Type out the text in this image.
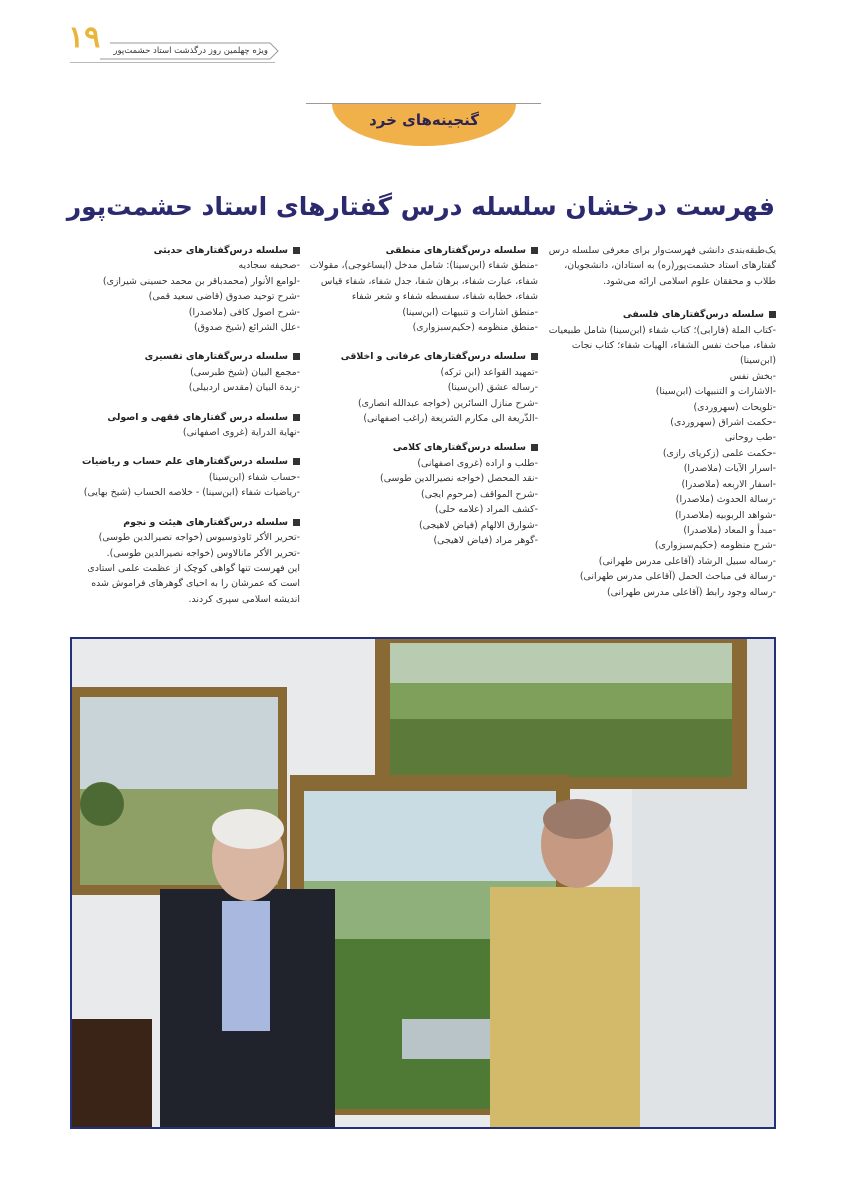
۱۹	ویژه چهلمین روز درگذشت استاد حشمت‌پور
گنجینه‌های خرد
فهرست درخشان سلسله درس گفتارهای استاد حشمت‌پور
یک‌طبقه‌بندی دانشی فهرست‌وار برای معرفی سلسله درس گفتارهای استاد حشمت‌پور(ره) به استادان، دانشجویان، طلاب و محققان علوم اسلامی ارائه می‌شود.
سلسله درس‌گفتارهای فلسفی
- کتاب الملة (فارابی)؛ کتاب شفاء (ابن‌سینا) شامل طبیعیات شفاء، مباحث نفس الشفاء، الهیات شفاء؛ کتاب نجات (ابن‌سینا)
- بخش نفس
- الاشارات و التنبیهات (ابن‌سینا)
- تلویحات (سهروردی)
- حکمت اشراق (سهروردی)
- طب روحانی
- حکمت علمی (زکریای رازی)
- اسرار الآیات (ملاصدرا)
- اسفار الاربعه (ملاصدرا)
- رسالة الحدوث (ملاصدرا)
- شواهد الربوبیه (ملاصدرا)
- مبدأ و المعاد (ملاصدرا)
- شرح منظومه (حکیم‌سبزواری)
- رساله سبیل الرشاد (آقاعلی مدرس طهرانی)
- رسالة فی مباحث الحمل (آقاعلی مدرس طهرانی)
- رساله وجود رابط (آقاعلی مدرس طهرانی)
سلسله درس‌گفتارهای منطقی
- منطق شفاء (ابن‌سینا): شامل مدخل (ایساغوجی)، مقولات شفاء، عبارت شفاء، برهان شفا، جدل شفاء، شفاء قیاس شفاء، خطابه شفاء، سفسطه شفاء و شعر شفاء
- منطق اشارات و تنبیهات (ابن‌سینا)
- منطق منظومه (حکیم‌سبزواری)
سلسله درس‌گفتارهای عرفانی و اخلاقی
- تمهید القواعد (ابن ترکه)
- رساله عشق (ابن‌سینا)
- شرح منازل السائرین (خواجه عبدالله انصاری)
- الذّریعة الی مکارم الشریعة (راغب اصفهانی)
سلسله درس‌گفتارهای کلامی
- طلب و اراده (غروی اصفهانی)
- نقد المحصل (خواجه نصیرالدین طوسی)
- شرح المواقف (مرحوم ایجی)
- کشف المراد (علامه حلی)
- شوارق الالهام (فیاض لاهیجی)
- گوهر مراد (فیاض لاهیجی)
سلسله درس‌گفتارهای حدیثی
- صحیفه سجادیه
- لوامع الأنوار (محمدباقر بن محمد حسینی شیرازی)
- شرح توحید صدوق (قاضی سعید قمی)
- شرح اصول کافی (ملاصدرا)
- علل الشرائع (شیخ صدوق)
سلسله درس‌گفتارهای تفسیری
- مجمع البیان (شیخ طبرسی)
- زبدة البیان (مقدس اردبیلی)
سلسله درس گفتارهای فقهی و اصولی
- نهایة الدرایة (غروی اصفهانی)
سلسله درس‌گفتارهای علم حساب و ریاضیات
- حساب شفاء (ابن‌سینا)
- ریاضیات شفاء (ابن‌سینا) - خلاصه الحساب (شیخ بهایی)
سلسله درس‌گفتارهای هیئت و نجوم
- تحریر الأکر ثاوذوسیوس (خواجه نصیرالدین طوسی)
- تحریر الأکر مانالاوس (خواجه نصیرالدین طوسی).
این فهرست تنها گواهی کوچک از عظمت علمی استادی است که عمرشان را به احیای گوهرهای فراموش شده اندیشه اسلامی سپری کردند.
